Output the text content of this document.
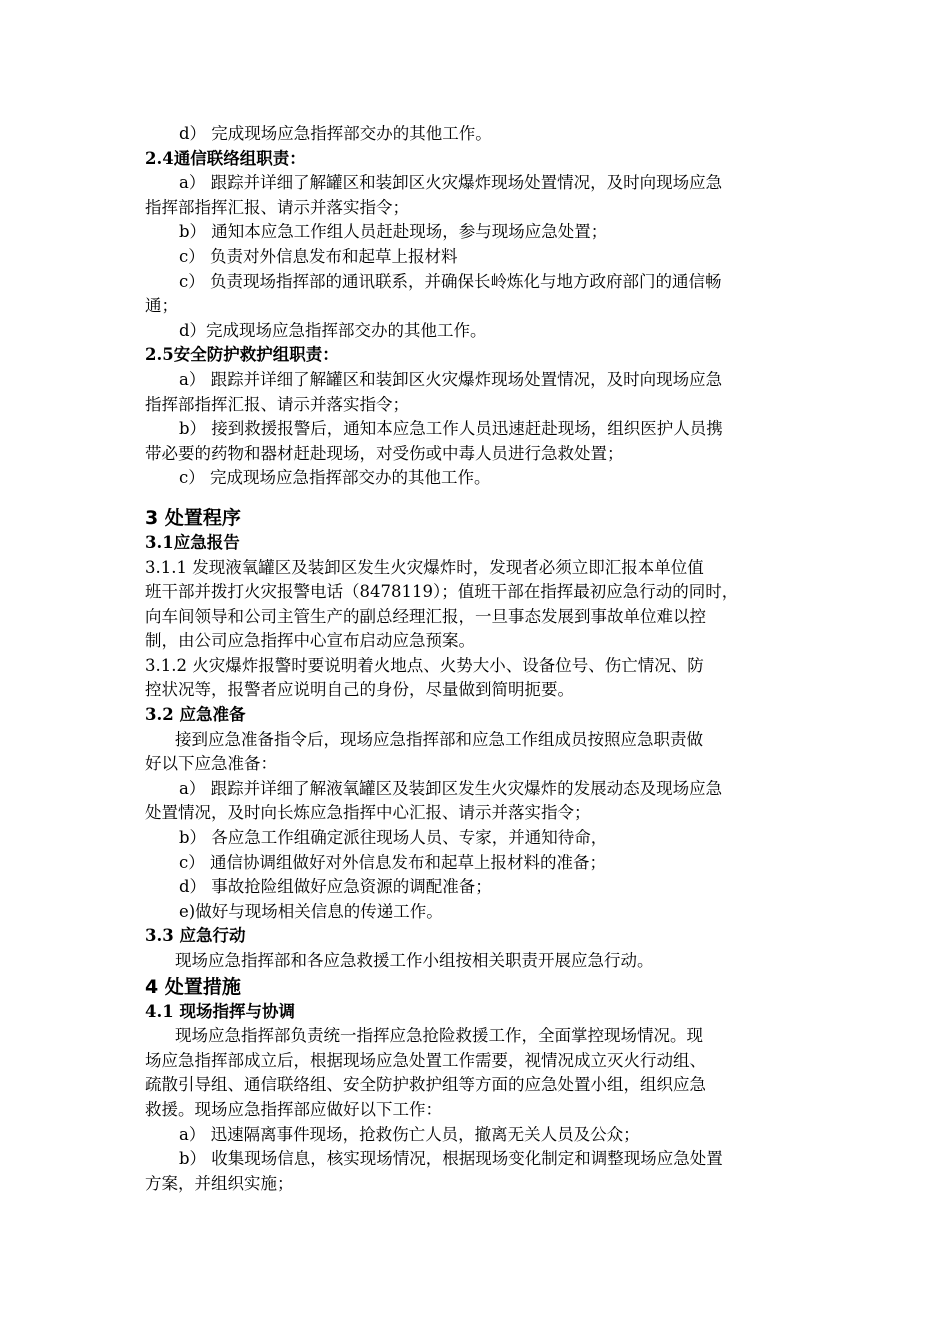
d） 完成现场应急指挥部交办的其他工作。

2.4通信联络组职责：

a） 跟踪并详细了解罐区和装卸区火灾爆炸现场处置情况，及时向现场应急

指挥部指挥汇报、请示并落实指令；

b） 通知本应急工作组人员赶赴现场，参与现场应急处置；

c） 负责对外信息发布和起草上报材料

c） 负责现场指挥部的通讯联系，并确保长岭炼化与地方政府部门的通信畅

通；

d）完成现场应急指挥部交办的其他工作。

2.5安全防护救护组职责：

a） 跟踪并详细了解罐区和装卸区火灾爆炸现场处置情况，及时向现场应急

指挥部指挥汇报、请示并落实指令；

b） 接到救援报警后，通知本应急工作人员迅速赶赴现场，组织医护人员携

带必要的药物和器材赶赴现场，对受伤或中毒人员进行急救处置；

c） 完成现场应急指挥部交办的其他工作。

3 处置程序

3.1应急报告

3.1.1 发现液氧罐区及装卸区发生火灾爆炸时，发现者必须立即汇报本单位值

班干部并拨打火灾报警电话（8478119）；值班干部在指挥最初应急行动的同时，

向车间领导和公司主管生产的副总经理汇报，一旦事态发展到事故单位难以控

制，由公司应急指挥中心宣布启动应急预案。

3.1.2 火灾爆炸报警时要说明着火地点、火势大小、设备位号、伤亡情况、防

控状况等，报警者应说明自己的身份，尽量做到简明扼要。

3.2 应急准备

接到应急准备指令后，现场应急指挥部和应急工作组成员按照应急职责做

好以下应急准备：

a） 跟踪并详细了解液氧罐区及装卸区发生火灾爆炸的发展动态及现场应急

处置情况，及时向长炼应急指挥中心汇报、请示并落实指令；

b） 各应急工作组确定派往现场人员、专家，并通知待命，

c） 通信协调组做好对外信息发布和起草上报材料的准备；

d） 事故抢险组做好应急资源的调配准备；

e)做好与现场相关信息的传递工作。

3.3 应急行动

现场应急指挥部和各应急救援工作小组按相关职责开展应急行动。

4 处置措施

4.1 现场指挥与协调

现场应急指挥部负责统一指挥应急抢险救援工作，全面掌控现场情况。现

场应急指挥部成立后，根据现场应急处置工作需要，视情况成立灭火行动组、

疏散引导组、通信联络组、安全防护救护组等方面的应急处置小组，组织应急

救援。现场应急指挥部应做好以下工作：

a） 迅速隔离事件现场，抢救伤亡人员，撤离无关人员及公众；

b） 收集现场信息，核实现场情况，根据现场变化制定和调整现场应急处置

方案，并组织实施；
